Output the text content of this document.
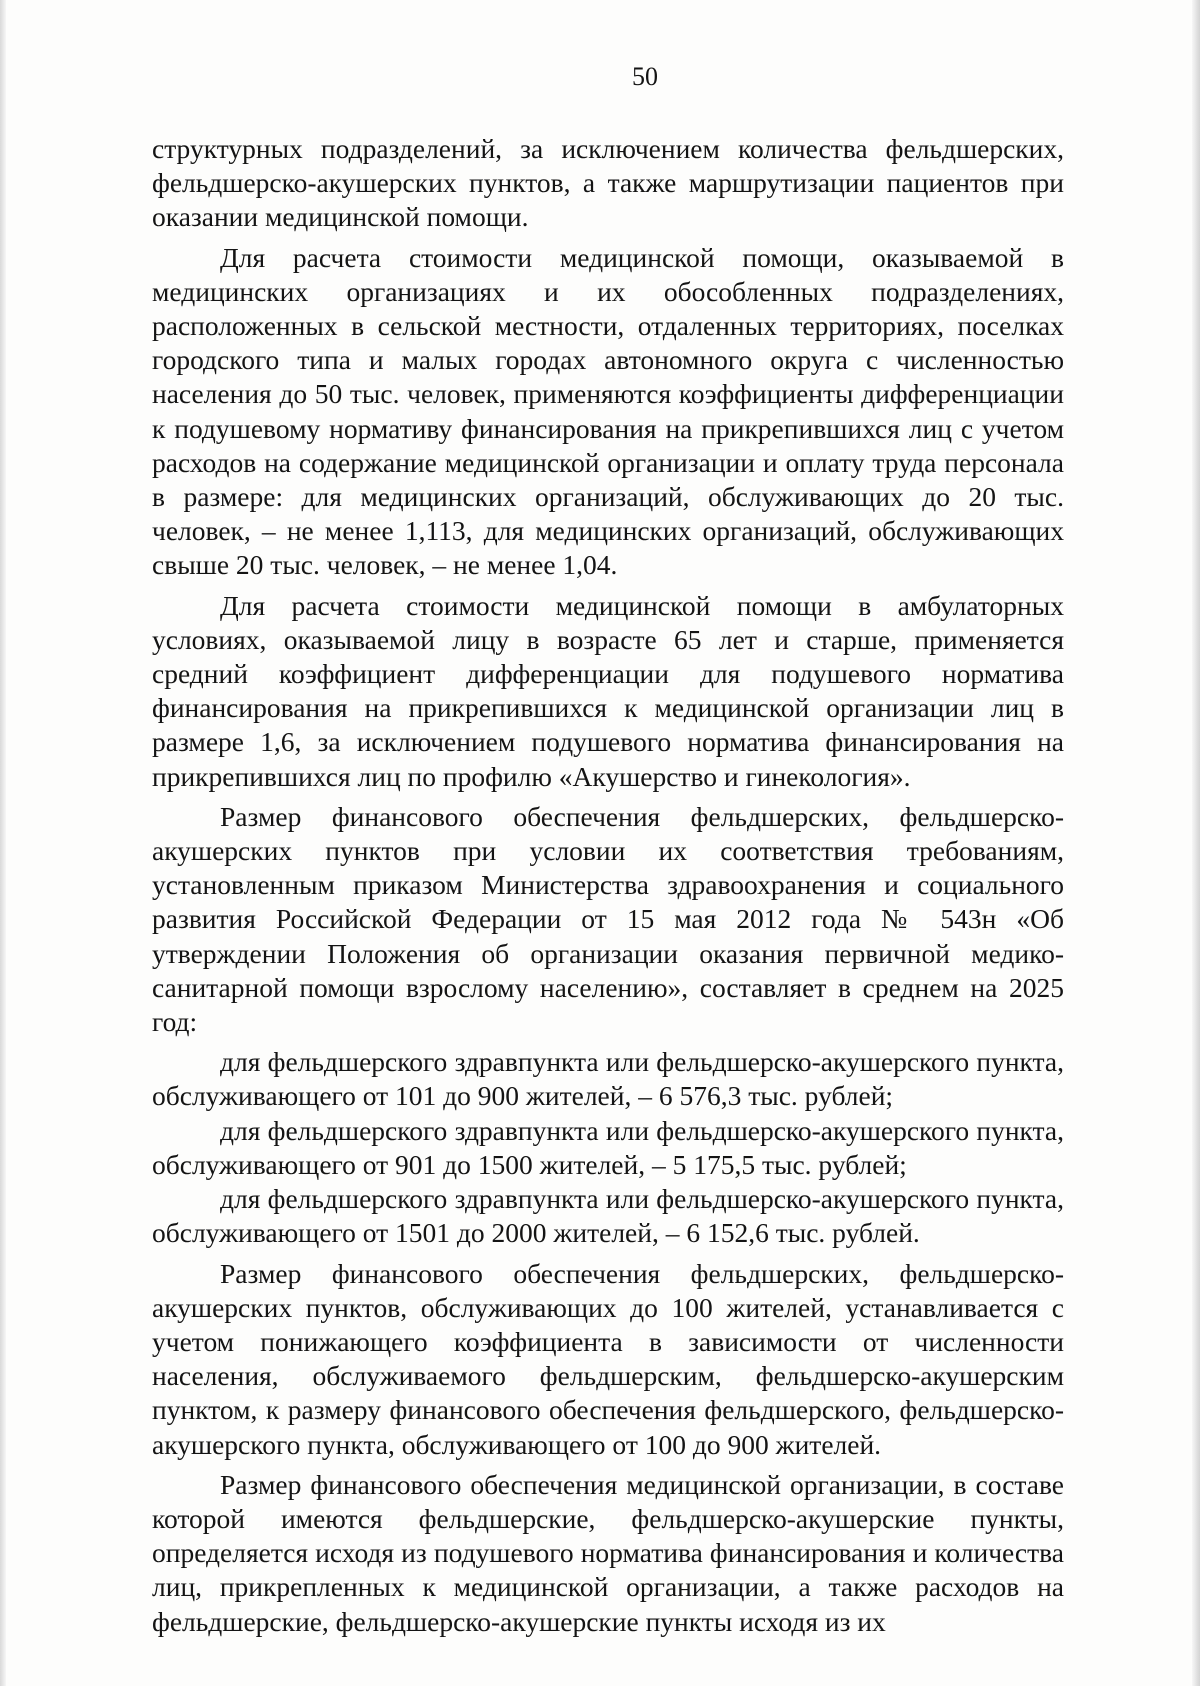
50

структурных подразделений, за исключением количества фельдшерских, фельдшерско-акушерских пунктов, а также маршрутизации пациентов при оказании медицинской помощи.

Для расчета стоимости медицинской помощи, оказываемой в медицинских организациях и их обособленных подразделениях, расположенных в сельской местности, отдаленных территориях, поселках городского типа и малых городах автономного округа с численностью населения до 50 тыс. человек, применяются коэффициенты дифференциации к подушевому нормативу финансирования на прикрепившихся лиц с учетом расходов на содержание медицинской организации и оплату труда персонала в размере: для медицинских организаций, обслуживающих до 20 тыс. человек, – не менее 1,113, для медицинских организаций, обслуживающих свыше 20 тыс. человек, – не менее 1,04.

Для расчета стоимости медицинской помощи в амбулаторных условиях, оказываемой лицу в возрасте 65 лет и старше, применяется средний коэффициент дифференциации для подушевого норматива финансирования на прикрепившихся к медицинской организации лиц в размере 1,6, за исключением подушевого норматива финансирования на прикрепившихся лиц по профилю «Акушерство и гинекология».

Размер финансового обеспечения фельдшерских, фельдшерско-акушерских пунктов при условии их соответствия требованиям, установленным приказом Министерства здравоохранения и социального развития Российской Федерации от 15 мая 2012 года № 543н «Об утверждении Положения об организации оказания первичной медико-санитарной помощи взрослому населению», составляет в среднем на 2025 год:

для фельдшерского здравпункта или фельдшерско-акушерского пункта, обслуживающего от 101 до 900 жителей, – 6 576,3 тыс. рублей;

для фельдшерского здравпункта или фельдшерско-акушерского пункта, обслуживающего от 901 до 1500 жителей, – 5 175,5 тыс. рублей;

для фельдшерского здравпункта или фельдшерско-акушерского пункта, обслуживающего от 1501 до 2000 жителей, – 6 152,6 тыс. рублей.

Размер финансового обеспечения фельдшерских, фельдшерско-акушерских пунктов, обслуживающих до 100 жителей, устанавливается с учетом понижающего коэффициента в зависимости от численности населения, обслуживаемого фельдшерским, фельдшерско-акушерским пунктом, к размеру финансового обеспечения фельдшерского, фельдшерско-акушерского пункта, обслуживающего от 100 до 900 жителей.

Размер финансового обеспечения медицинской организации, в составе которой имеются фельдшерские, фельдшерско-акушерские пункты, определяется исходя из подушевого норматива финансирования и количества лиц, прикрепленных к медицинской организации, а также расходов на фельдшерские, фельдшерско-акушерские пункты исходя из их
